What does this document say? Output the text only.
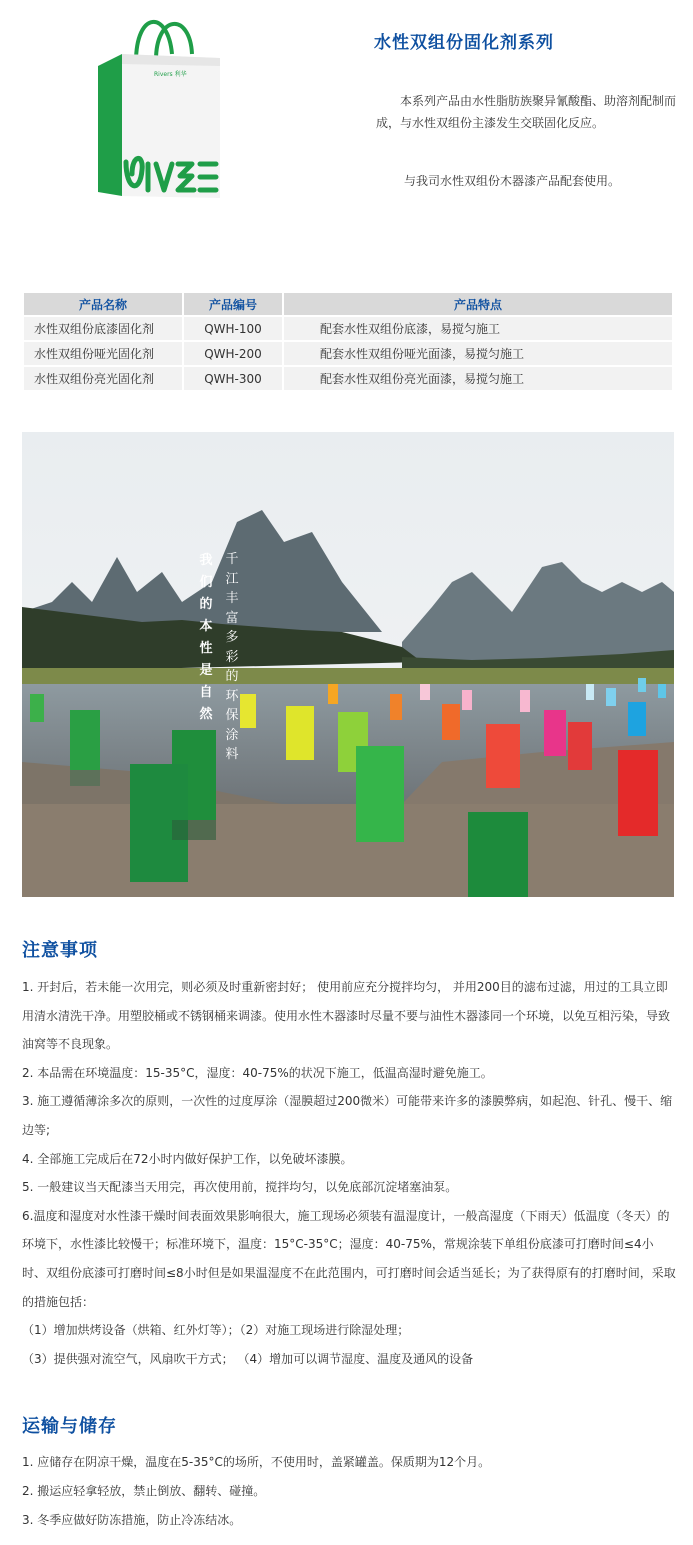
Rivers 利华
水性双组份固化剂系列
产品概述:
本系列产品由水性脂肪族聚异氰酸酯、助溶剂配制而成，与水性双组份主漆发生交联固化反应。
适用范围:
与我司水性双组份木器漆产品配套使用。
主要产品品种及特点
产品名称	产品编号	产品特点
水性双组份底漆固化剂	QWH-100	配套水性双组份底漆，易搅匀施工
水性双组份哑光固化剂	QWH-200	配套水性双组份哑光面漆，易搅匀施工
水性双组份亮光固化剂	QWH-300	配套水性双组份亮光面漆，易搅匀施工
我们的本性是自然
千江丰富多彩的环保涂料
注意事项

1. 开封后，若未能一次用完，则必须及时重新密封好； 使用前应充分搅拌均匀， 并用200目的滤布过滤，用过的工具立即用清水清洗干净。用塑胶桶或不锈钢桶来调漆。使用水性木器漆时尽量不要与油性木器漆同一个环境，以免互相污染，导致油窝等不良现象。

2. 本品需在环境温度：15-35°C，湿度：40-75%的状况下施工，低温高湿时避免施工。

3. 施工遵循薄涂多次的原则，一次性的过度厚涂（湿膜超过200微米）可能带来许多的漆膜弊病，如起泡、针孔、慢干、缩边等;

4. 全部施工完成后在72小时内做好保护工作，以免破坏漆膜。

5. 一般建议当天配漆当天用完，再次使用前，搅拌均匀，以免底部沉淀堵塞油泵。

6.温度和湿度对水性漆干燥时间表面效果影响很大，施工现场必须装有温湿度计，一般高湿度（下雨天）低温度（冬天）的环境下，水性漆比较慢干；标准环境下，温度：15°C-35°C；湿度：40-75%，常规涂装下单组份底漆可打磨时间≤4小时、双组份底漆可打磨时间≤8小时但是如果温湿度不在此范围内，可打磨时间会适当延长；为了获得原有的打磨时间，采取的措施包括：

（1）增加烘烤设备（烘箱、红外灯等）；（2）对施工现场进行除湿处理；

（3）提供强对流空气，风扇吹干方式； （4）增加可以调节湿度、温度及通风的设备

运输与储存

1. 应储存在阴凉干燥，温度在5-35°C的场所，不使用时，盖紧罐盖。保质期为12个月。

2. 搬运应轻拿轻放，禁止倒放、翻转、碰撞。

3. 冬季应做好防冻措施，防止冷冻结冰。
